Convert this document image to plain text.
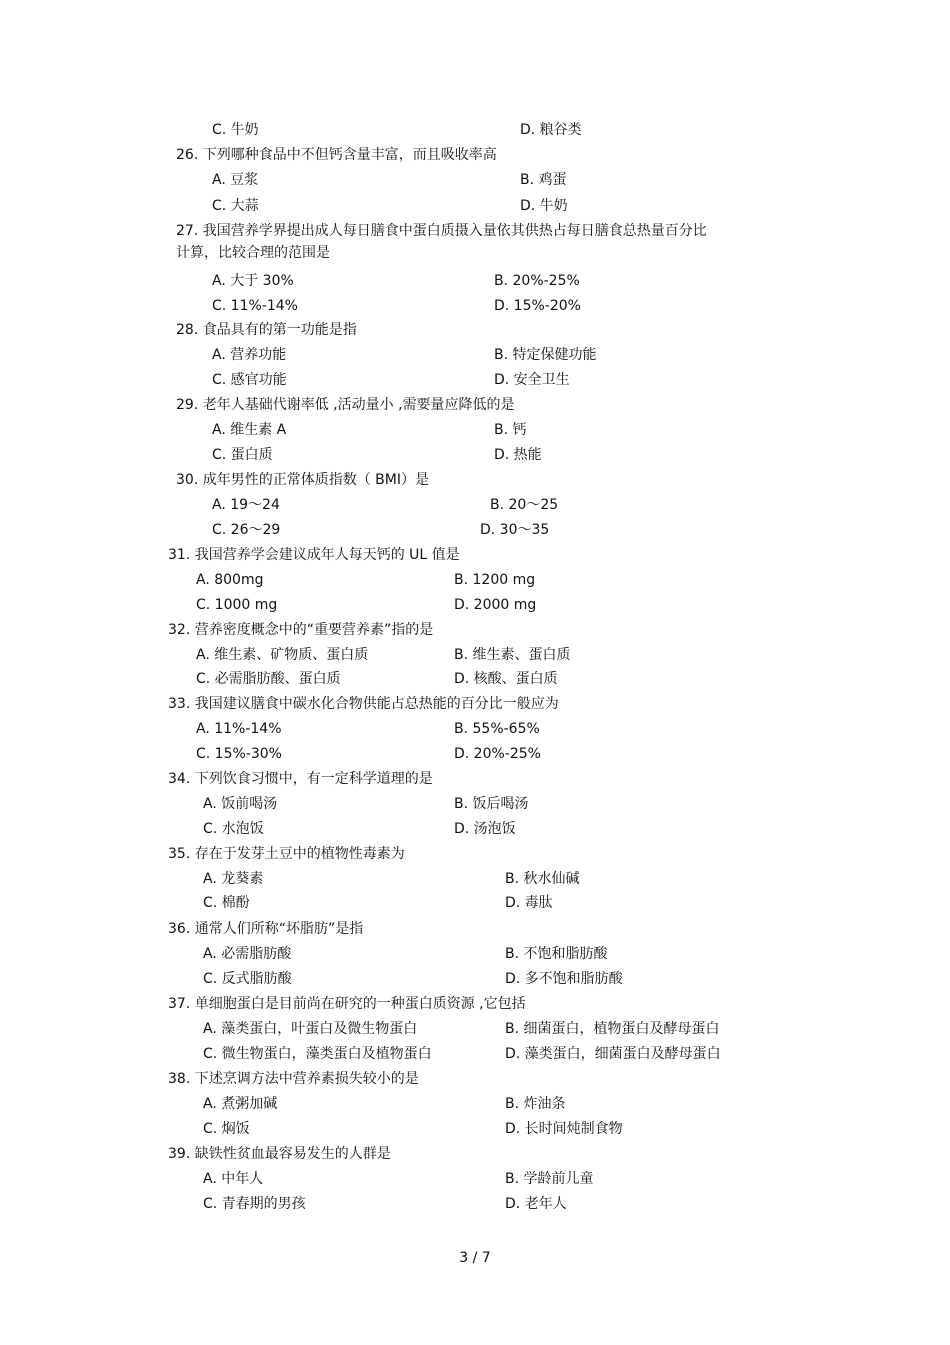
C. 牛奶	D. 粮谷类
26. 下列哪种食品中不但钙含量丰富，而且吸收率高
A. 豆浆	B. 鸡蛋
C. 大蒜	D. 牛奶
27. 我国营养学界提出成人每日膳食中蛋白质摄入量依其供热占每日膳食总热量百分比
计算，比较合理的范围是
A. 大于 30%	B. 20%-25%
C. 11%-14%	D. 15%-20%
28. 食品具有的第一功能是指
A. 营养功能	B. 特定保健功能
C. 感官功能	D. 安全卫生
29. 老年人基础代谢率低 ,活动量小 ,需要量应降低的是
A. 维生素 A	B. 钙
C. 蛋白质	D. 热能
30. 成年男性的正常体质指数（ BMI）是
A. 19～24	B. 20～25
C. 26～29	D. 30～35
31. 我国营养学会建议成年人每天钙的 UL 值是
A. 800mg	B. 1200 mg
C. 1000 mg	D. 2000 mg
32. 营养密度概念中的“重要营养素”指的是
A. 维生素、矿物质、蛋白质	B. 维生素、蛋白质
C. 必需脂肪酸、蛋白质	D. 核酸、蛋白质
33. 我国建议膳食中碳水化合物供能占总热能的百分比一般应为
A. 11%-14%	B. 55%-65%
C. 15%-30%	D. 20%-25%
34. 下列饮食习惯中，有一定科学道理的是
A. 饭前喝汤	B. 饭后喝汤
C. 水泡饭	D. 汤泡饭
35. 存在于发芽土豆中的植物性毒素为
A. 龙葵素	B. 秋水仙碱
C. 棉酚	D. 毒肽
36. 通常人们所称“坏脂肪”是指
A. 必需脂肪酸	B. 不饱和脂肪酸
C. 反式脂肪酸	D. 多不饱和脂肪酸
37. 单细胞蛋白是目前尚在研究的一种蛋白质资源 ,它包括
A. 藻类蛋白，叶蛋白及微生物蛋白	B. 细菌蛋白，植物蛋白及酵母蛋白
C. 微生物蛋白，藻类蛋白及植物蛋白	D. 藻类蛋白，细菌蛋白及酵母蛋白
38. 下述烹调方法中营养素损失较小的是
A. 煮粥加碱	B. 炸油条
C. 焖饭	D. 长时间炖制食物
39. 缺铁性贫血最容易发生的人群是
A. 中年人	B. 学龄前儿童
C. 青春期的男孩	D. 老年人
3 / 7
